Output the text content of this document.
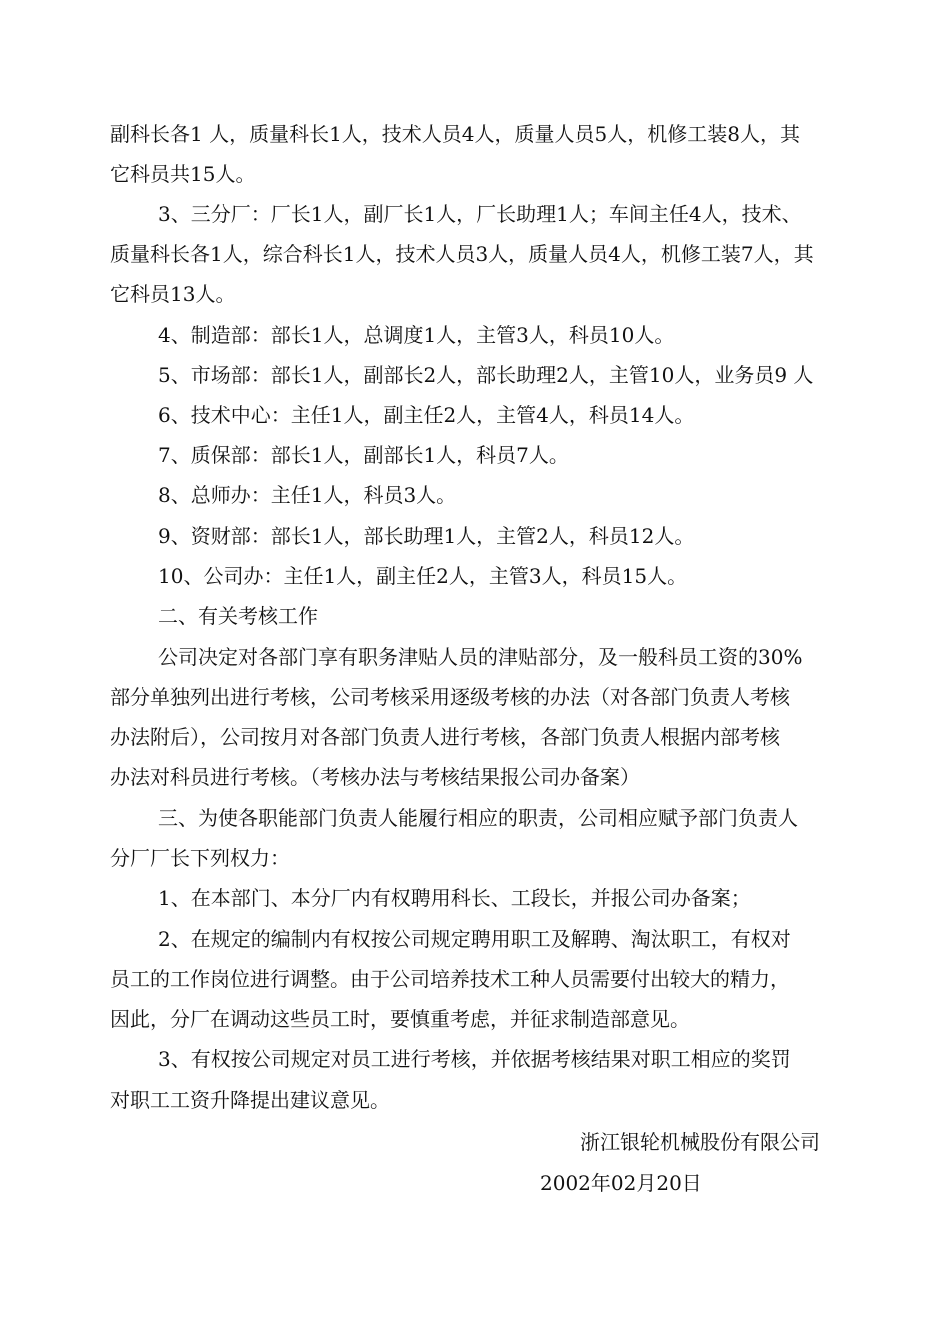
副科长各1 人，质量科长1人，技术人员4人，质量人员5人，机修工装8人，其
它科员共15人。
3、三分厂：厂长1人，副厂长1人，厂长助理1人；车间主任4人，技术、
质量科长各1人，综合科长1人，技术人员3人，质量人员4人，机修工装7人，其
它科员13人。
4、制造部：部长1人，总调度1人，主管3人，科员10人。
5、市场部：部长1人，副部长2人，部长助理2人，主管10人，业务员9 人
6、技术中心：主任1人，副主任2人，主管4人，科员14人。
7、质保部：部长1人，副部长1人，科员7人。
8、总师办：主任1人，科员3人。
9、资财部：部长1人，部长助理1人，主管2人，科员12人。
10、公司办：主任1人，副主任2人，主管3人，科员15人。
二、有关考核工作
公司决定对各部门享有职务津贴人员的津贴部分，及一般科员工资的30%
部分单独列出进行考核，公司考核采用逐级考核的办法（对各部门负责人考核
办法附后），公司按月对各部门负责人进行考核，各部门负责人根据内部考核
办法对科员进行考核。（考核办法与考核结果报公司办备案）
三、为使各职能部门负责人能履行相应的职责，公司相应赋予部门负责人
分厂厂长下列权力：
1、在本部门、本分厂内有权聘用科长、工段长，并报公司办备案；
2、在规定的编制内有权按公司规定聘用职工及解聘、淘汰职工，有权对
员工的工作岗位进行调整。由于公司培养技术工种人员需要付出较大的精力，
因此，分厂在调动这些员工时，要慎重考虑，并征求制造部意见。
3、有权按公司规定对员工进行考核，并依据考核结果对职工相应的奖罚
对职工工资升降提出建议意见。
浙江银轮机械股份有限公司
2002年02月20日
